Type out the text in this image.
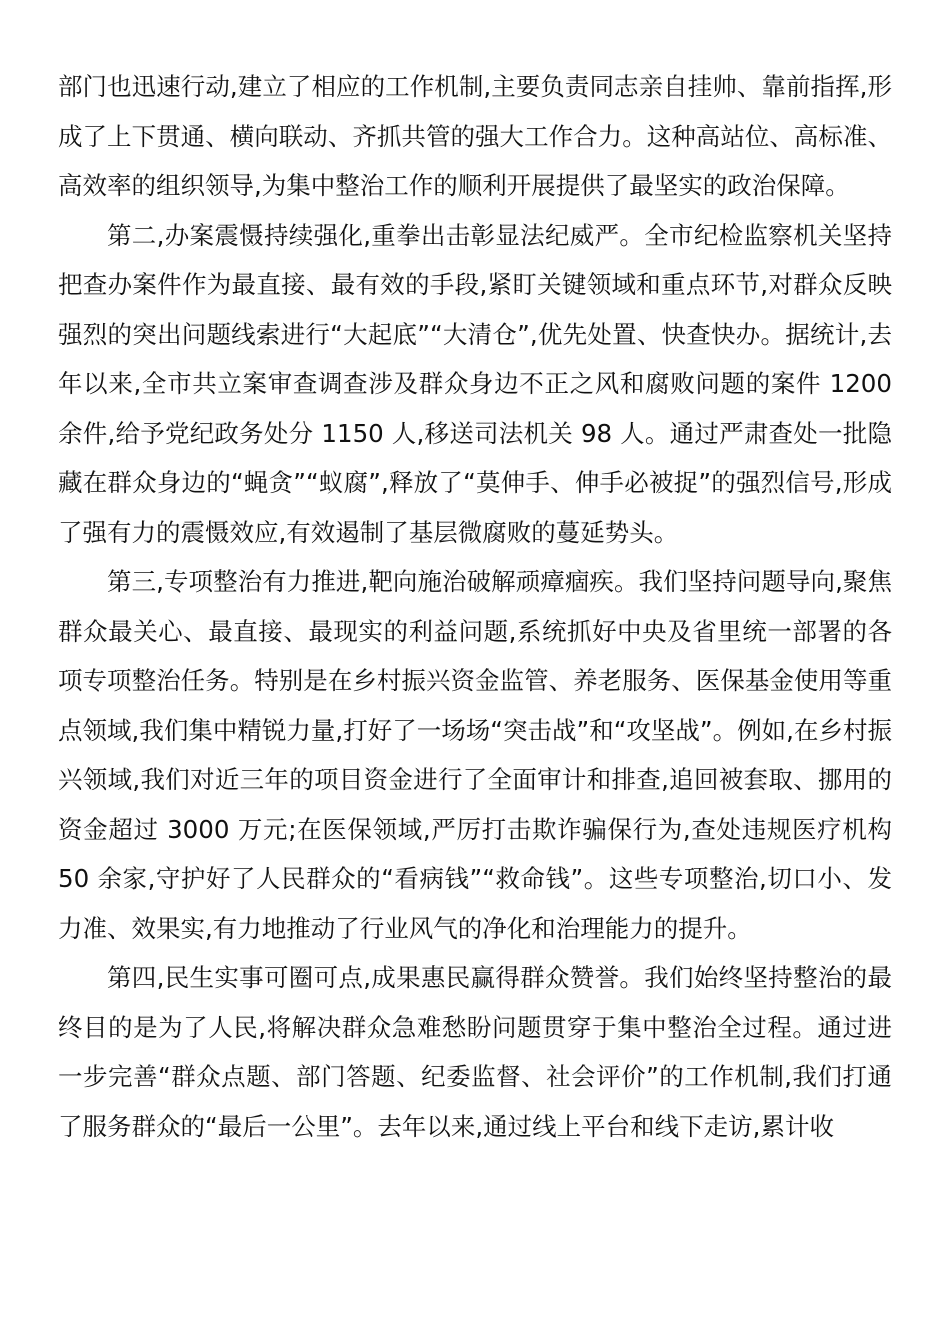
部门也迅速行动,建立了相应的工作机制,主要负责同志亲自挂帅、靠前指挥,形成了上下贯通、横向联动、齐抓共管的强大工作合力。这种高站位、高标准、高效率的组织领导,为集中整治工作的顺利开展提供了最坚实的政治保障。

第二,办案震慑持续强化,重拳出击彰显法纪威严。全市纪检监察机关坚持把查办案件作为最直接、最有效的手段,紧盯关键领域和重点环节,对群众反映强烈的突出问题线索进行“大起底”“大清仓”,优先处置、快查快办。据统计,去年以来,全市共立案审查调查涉及群众身边不正之风和腐败问题的案件 1200 余件,给予党纪政务处分 1150 人,移送司法机关 98 人。通过严肃查处一批隐藏在群众身边的“蝇贪”“蚁腐”,释放了“莫伸手、伸手必被捉”的强烈信号,形成了强有力的震慑效应,有效遏制了基层微腐败的蔓延势头。

第三,专项整治有力推进,靶向施治破解顽瘴痼疾。我们坚持问题导向,聚焦群众最关心、最直接、最现实的利益问题,系统抓好中央及省里统一部署的各项专项整治任务。特别是在乡村振兴资金监管、养老服务、医保基金使用等重点领域,我们集中精锐力量,打好了一场场“突击战”和“攻坚战”。例如,在乡村振兴领域,我们对近三年的项目资金进行了全面审计和排查,追回被套取、挪用的资金超过 3000 万元;在医保领域,严厉打击欺诈骗保行为,查处违规医疗机构 50 余家,守护好了人民群众的“看病钱”“救命钱”。这些专项整治,切口小、发力准、效果实,有力地推动了行业风气的净化和治理能力的提升。

第四,民生实事可圈可点,成果惠民赢得群众赞誉。我们始终坚持整治的最终目的是为了人民,将解决群众急难愁盼问题贯穿于集中整治全过程。通过进一步完善“群众点题、部门答题、纪委监督、社会评价”的工作机制,我们打通了服务群众的“最后一公里”。去年以来,通过线上平台和线下走访,累计收
